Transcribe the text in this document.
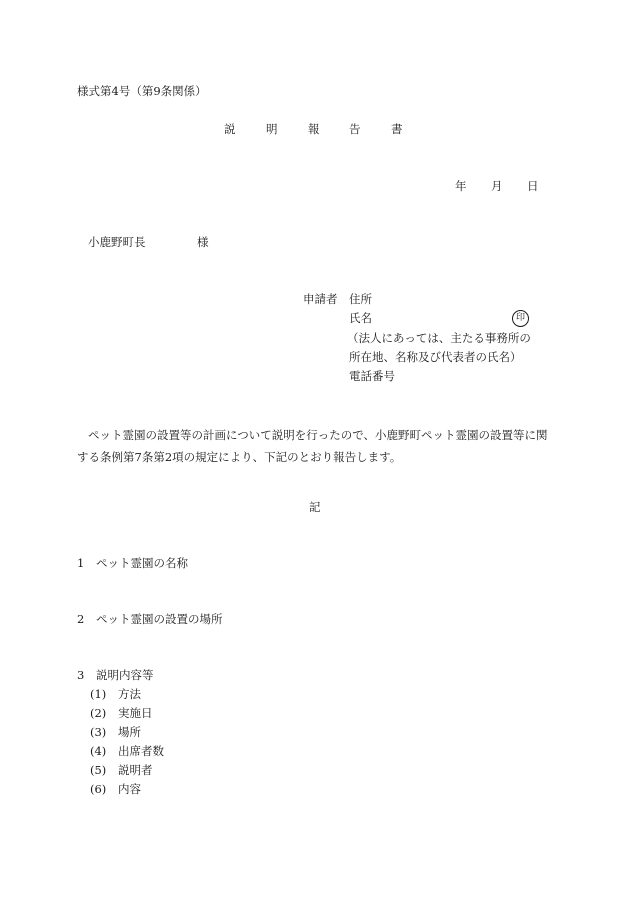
様式第4号（第9条関係）
説	明	報	告	書
年 月 日
小鹿野町長	様
申請者 住所
氏名	印
（法人にあっては、主たる事務所の
所在地、名称及び代表者の氏名）
電話番号
ペット霊園の設置等の計画について説明を行ったので、小鹿野町ペット霊園の設置等に関する条例第7条第2項の規定により、下記のとおり報告します。
記
1 ペット霊園の名称
2 ペット霊園の設置の場所
3 説明内容等
(1) 方法
(2) 実施日
(3) 場所
(4) 出席者数
(5) 説明者
(6) 内容
